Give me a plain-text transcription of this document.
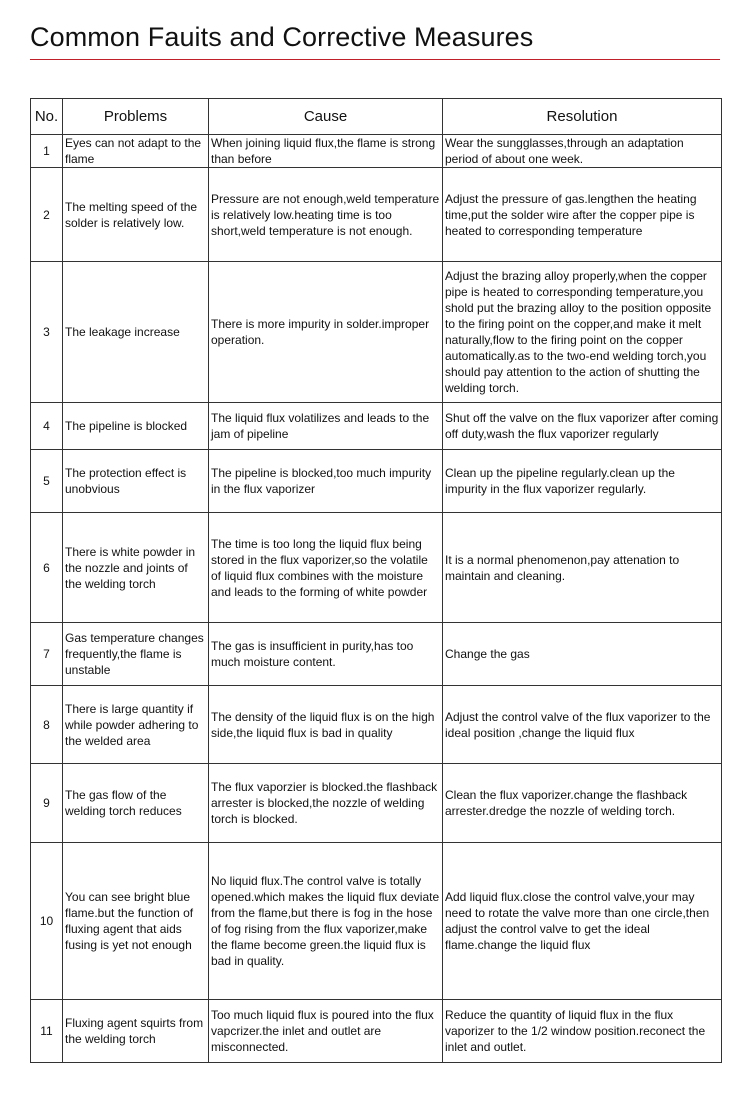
Common Fauits and Corrective Measures
No.	Problems	Cause	Resolution
1	Eyes can not adapt to the flame	When joining liquid flux,the flame is strong than before	Wear the sungglasses,through an adaptation period of about one week.
2	The melting speed of the solder is relatively low.	Pressure are not enough,weld temperature is relatively low.heating time is too short,weld temperature is not enough.	Adjust the pressure of gas.lengthen the heating time,put the solder wire after the copper pipe is heated to corresponding temperature
3	The leakage increase	There is more impurity in solder.improper operation.	Adjust the brazing alloy properly,when the copper pipe is heated to corresponding temperature,you shold put the brazing alloy to the position opposite to the firing point on the copper,and make it melt naturally,flow to the firing point on the copper automatically.as to the two-end welding torch,you should pay attention to the action of shutting the welding torch.
4	The pipeline is blocked	The liquid flux volatilizes and leads to the jam of pipeline	Shut off the valve on the flux vaporizer after coming off duty,wash the flux vaporizer regularly
5	The protection effect is unobvious	The pipeline is blocked,too much impurity in the flux vaporizer	Clean up the pipeline regularly.clean up the impurity in the flux vaporizer regularly.
6	There is white powder in the nozzle and joints of the welding torch	The time is too long the liquid flux being stored in the flux vaporizer,so the volatile of liquid flux combines with the moisture and leads to the forming of white powder	It is a normal phenomenon,pay attenation to maintain and cleaning.
7	Gas temperature changes frequently,the flame is unstable	The gas is insufficient in purity,has too much moisture content.	Change the gas
8	There is large quantity if while powder adhering to the welded area	The density of the liquid flux is on the high side,the liquid flux is bad in quality	Adjust the control valve of the flux vaporizer to the ideal position ,change the liquid flux
9	The gas flow of the welding torch reduces	The flux vaporzier is blocked.the flashback arrester is blocked,the nozzle of welding torch is blocked.	Clean the flux vaporizer.change the flashback arrester.dredge the nozzle of welding torch.
10	You can see bright blue flame.but the function of fluxing agent that aids fusing is yet not enough	No liquid flux.The control valve is totally opened.which makes the liquid flux deviate from the flame,but there is fog in the hose of fog rising from the flux vaporizer,make the flame become green.the liquid flux is bad in quality.	Add liquid flux.close the control valve,your may need to rotate the valve more than one circle,then adjust the control valve to get the ideal flame.change the liquid flux
11	Fluxing agent squirts from the welding torch	Too much liquid flux is poured into the flux vapcrizer.the inlet and outlet are misconnected.	Reduce the quantity of liquid flux in the flux vaporizer to the 1/2 window position.reconect the inlet and outlet.
